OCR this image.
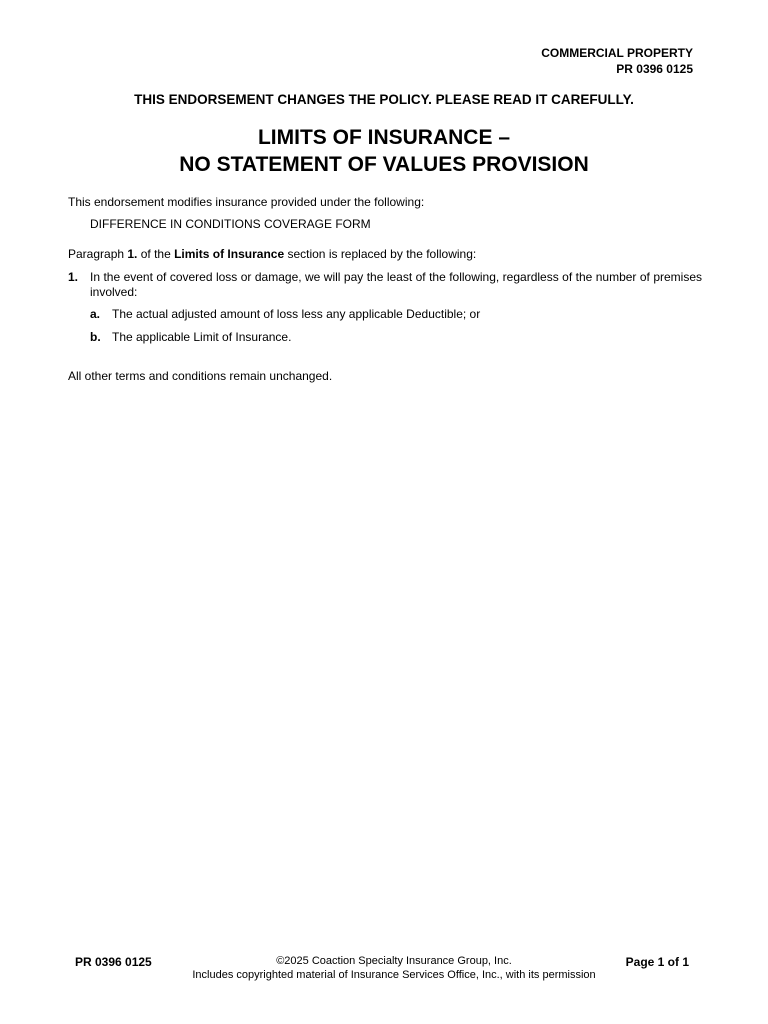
COMMERCIAL PROPERTY
PR 0396 0125
THIS ENDORSEMENT CHANGES THE POLICY. PLEASE READ IT CAREFULLY.
LIMITS OF INSURANCE –
NO STATEMENT OF VALUES PROVISION
This endorsement modifies insurance provided under the following:
DIFFERENCE IN CONDITIONS COVERAGE FORM
Paragraph 1. of the Limits of Insurance section is replaced by the following:
1. In the event of covered loss or damage, we will pay the least of the following, regardless of the number of premises involved:
a. The actual adjusted amount of loss less any applicable Deductible; or
b. The applicable Limit of Insurance.
All other terms and conditions remain unchanged.
PR 0396 0125	©2025 Coaction Specialty Insurance Group, Inc.
Includes copyrighted material of Insurance Services Office, Inc., with its permission
Page 1 of 1
